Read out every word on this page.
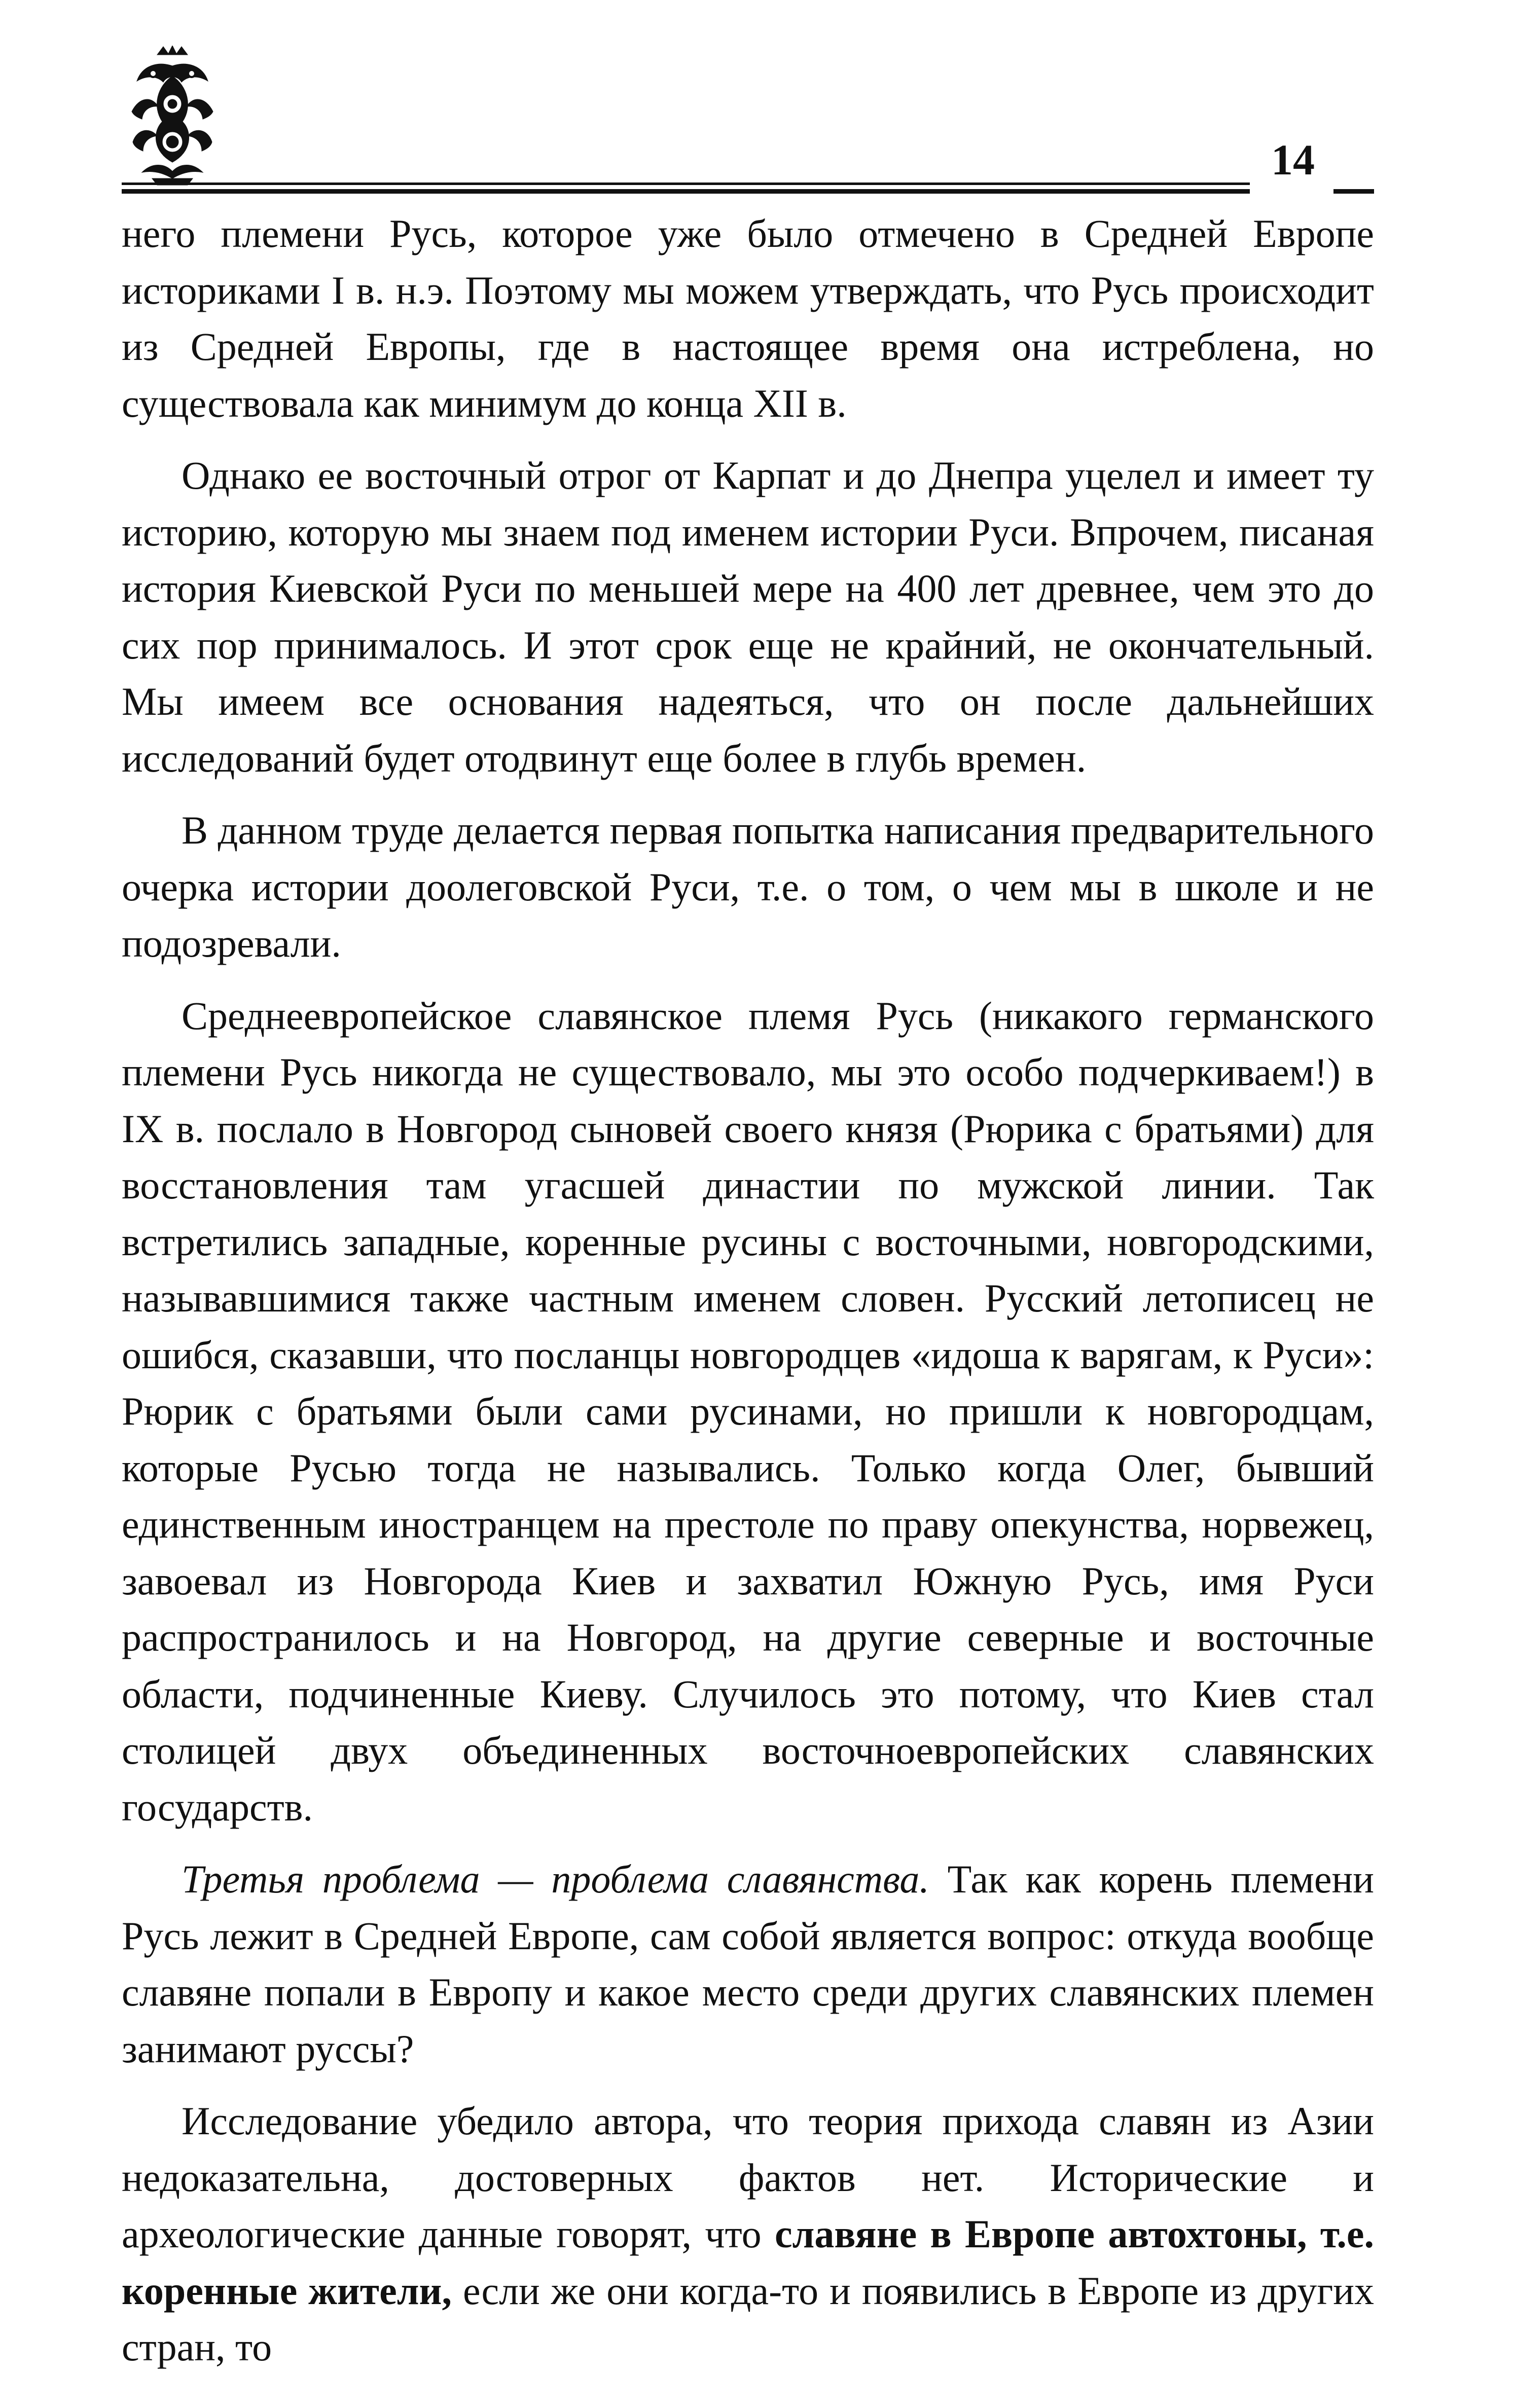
14

него племени Русь, которое уже было отмечено в Средней Европе историками I в. н.э. Поэтому мы можем утверждать, что Русь происходит из Средней Европы, где в настоящее время она истреблена, но существовала как минимум до конца XII в.

Однако ее восточный отрог от Карпат и до Днепра уцелел и имеет ту историю, которую мы знаем под именем истории Руси. Впрочем, писаная история Киевской Руси по меньшей мере на 400 лет древнее, чем это до сих пор принималось. И этот срок еще не крайний, не окончательный. Мы имеем все основания надеяться, что он после дальнейших исследований будет отодвинут еще более в глубь времен.

В данном труде делается первая попытка написания предварительного очерка истории доолеговской Руси, т.е. о том, о чем мы в школе и не подозревали.

Среднеевропейское славянское племя Русь (никакого германского племени Русь никогда не существовало, мы это особо подчеркиваем!) в IX в. послало в Новгород сыновей своего князя (Рюрика с братьями) для восстановления там угасшей династии по мужской линии. Так встретились западные, коренные русины с восточными, новгородскими, называвшимися также частным именем словен. Русский летописец не ошибся, сказавши, что посланцы новгородцев «идоша к варягам, к Руси»: Рюрик с братьями были сами русинами, но пришли к новгородцам, которые Русью тогда не назывались. Только когда Олег, бывший единственным иностранцем на престоле по праву опекунства, норвежец, завоевал из Новгорода Киев и захватил Южную Русь, имя Руси распространилось и на Новгород, на другие северные и восточные области, подчиненные Киеву. Случилось это потому, что Киев стал столицей двух объединенных восточноевропейских славянских государств.

Третья проблема — проблема славянства. Так как корень племени Русь лежит в Средней Европе, сам собой является вопрос: откуда вообще славяне попали в Европу и какое место среди других славянских племен занимают руссы?

Исследование убедило автора, что теория прихода славян из Азии недоказательна, достоверных фактов нет. Исторические и археологические данные говорят, что славяне в Европе автохтоны, т.е. коренные жители, если же они когда-то и появились в Европе из других стран, то
